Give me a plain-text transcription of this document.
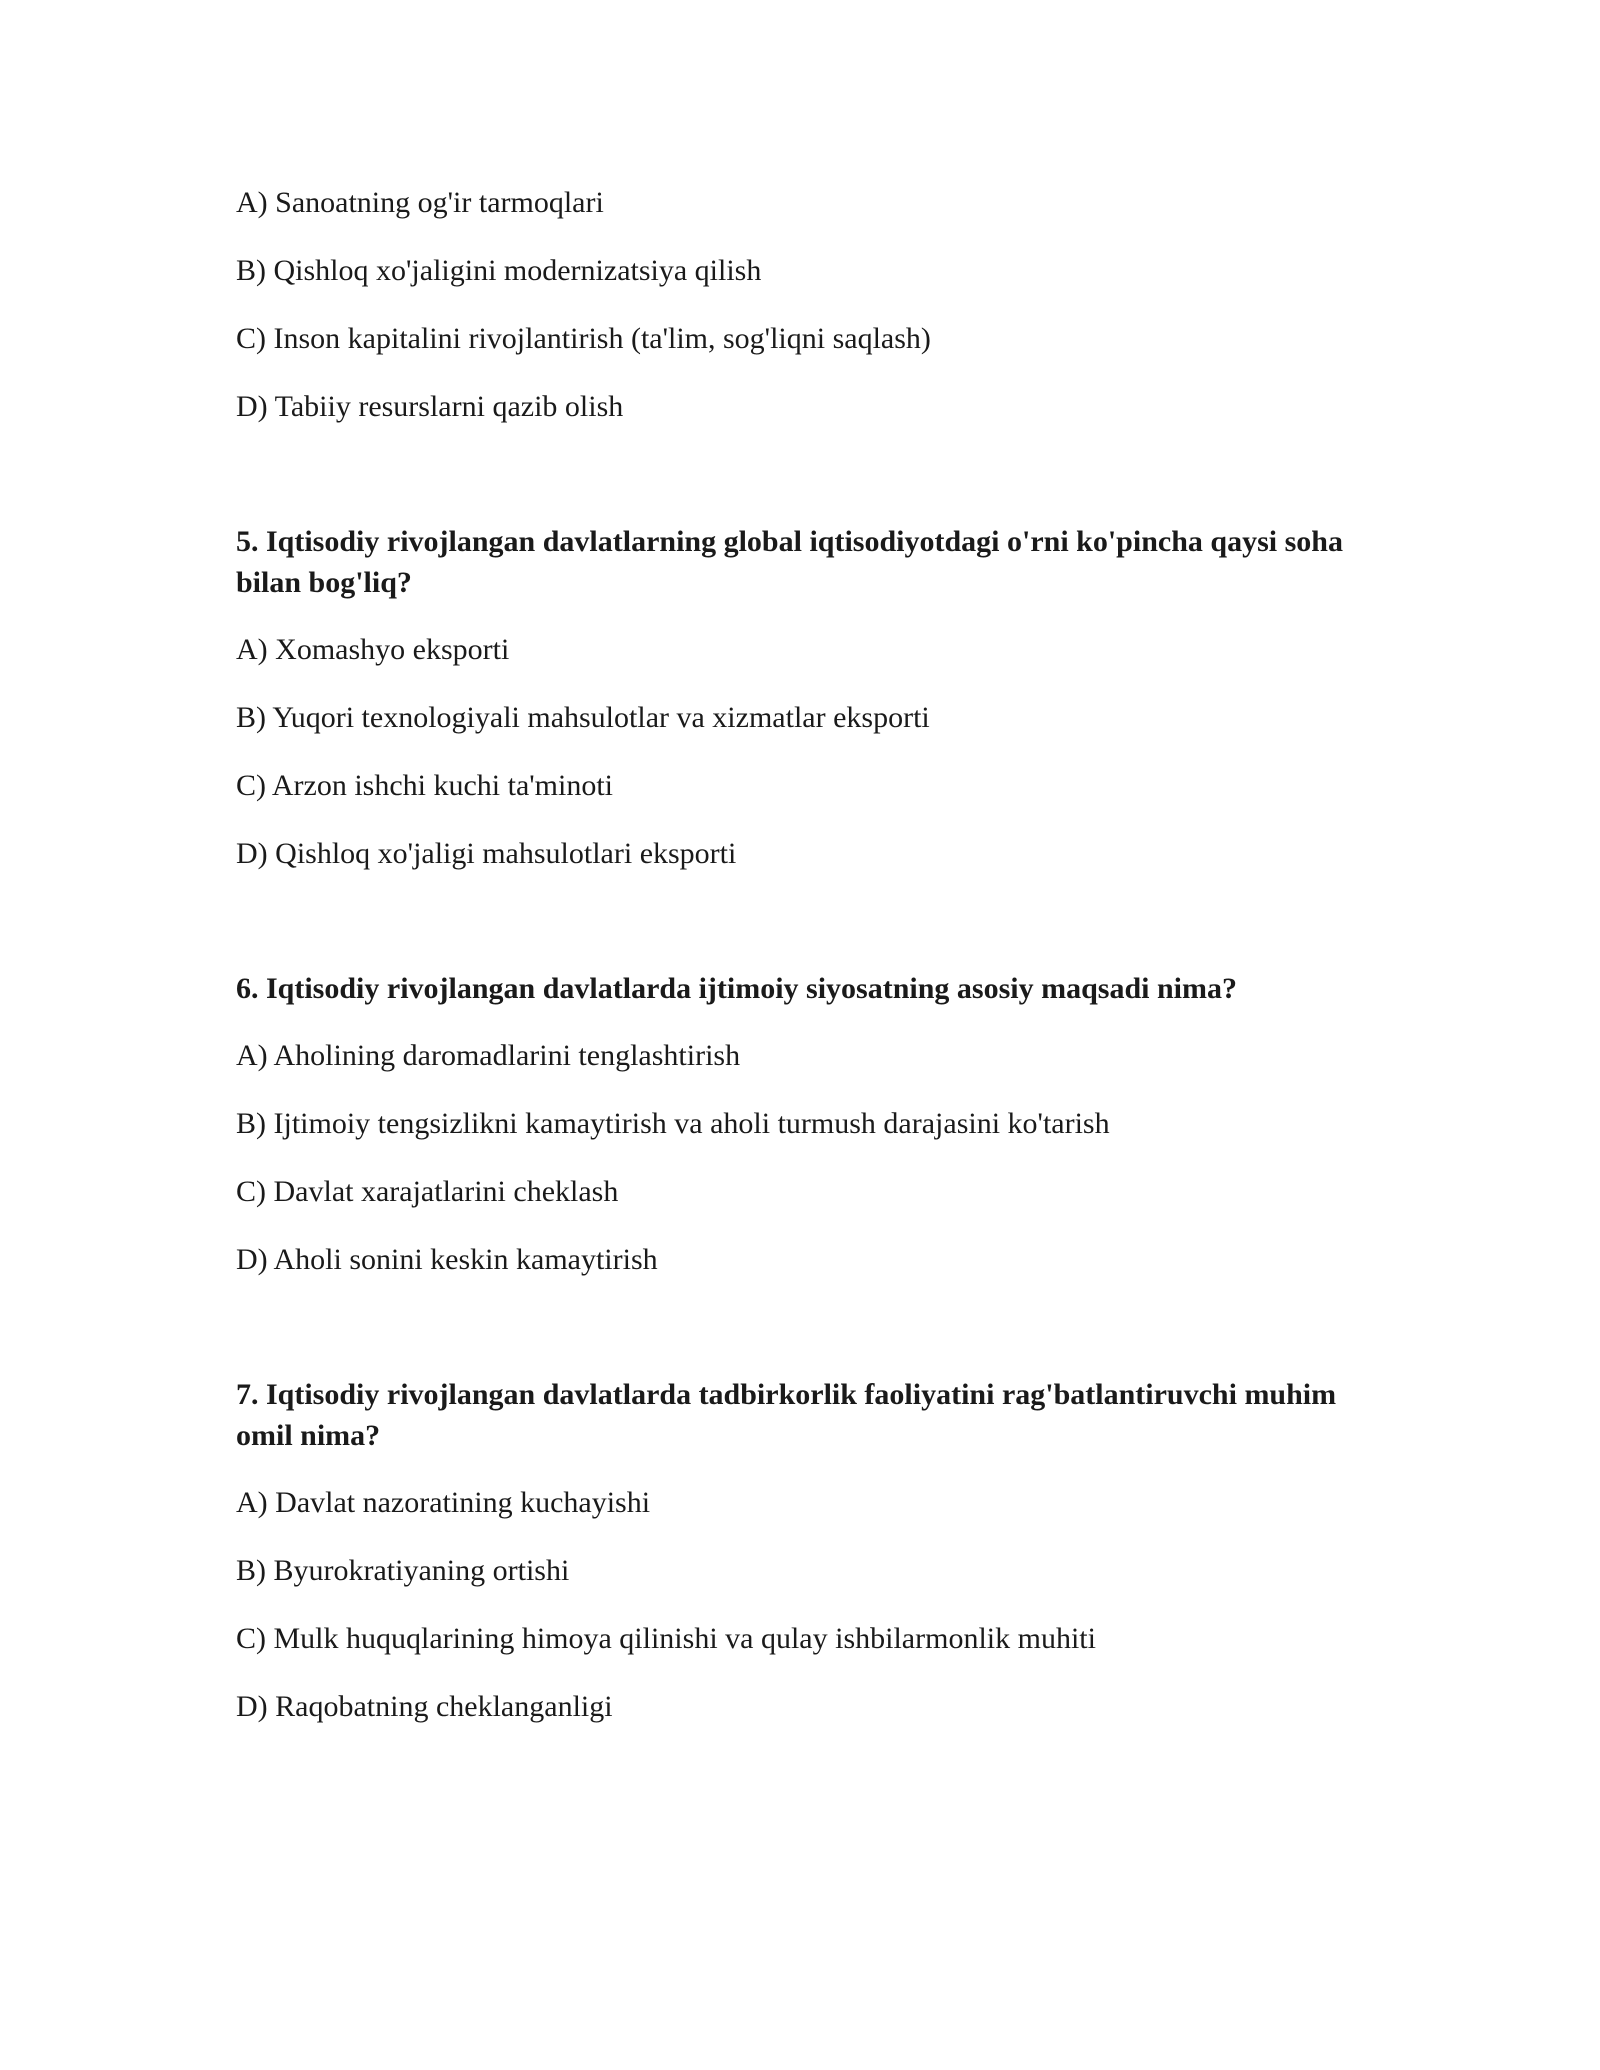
A) Sanoatning og'ir tarmoqlari
B) Qishloq xo'jaligini modernizatsiya qilish
C) Inson kapitalini rivojlantirish (ta'lim, sog'liqni saqlash)
D) Tabiiy resurslarni qazib olish
5. Iqtisodiy rivojlangan davlatlarning global iqtisodiyotdagi o'rni ko'pincha qaysi soha bilan bog'liq?
A) Xomashyo eksporti
B) Yuqori texnologiyali mahsulotlar va xizmatlar eksporti
C) Arzon ishchi kuchi ta'minoti
D) Qishloq xo'jaligi mahsulotlari eksporti
6. Iqtisodiy rivojlangan davlatlarda ijtimoiy siyosatning asosiy maqsadi nima?
A) Aholining daromadlarini tenglashtirish
B) Ijtimoiy tengsizlikni kamaytirish va aholi turmush darajasini ko'tarish
C) Davlat xarajatlarini cheklash
D) Aholi sonini keskin kamaytirish
7. Iqtisodiy rivojlangan davlatlarda tadbirkorlik faoliyatini rag'batlantiruvchi muhim omil nima?
A) Davlat nazoratining kuchayishi
B) Byurokratiyaning ortishi
C) Mulk huquqlarining himoya qilinishi va qulay ishbilarmonlik muhiti
D) Raqobatning cheklanganligi
